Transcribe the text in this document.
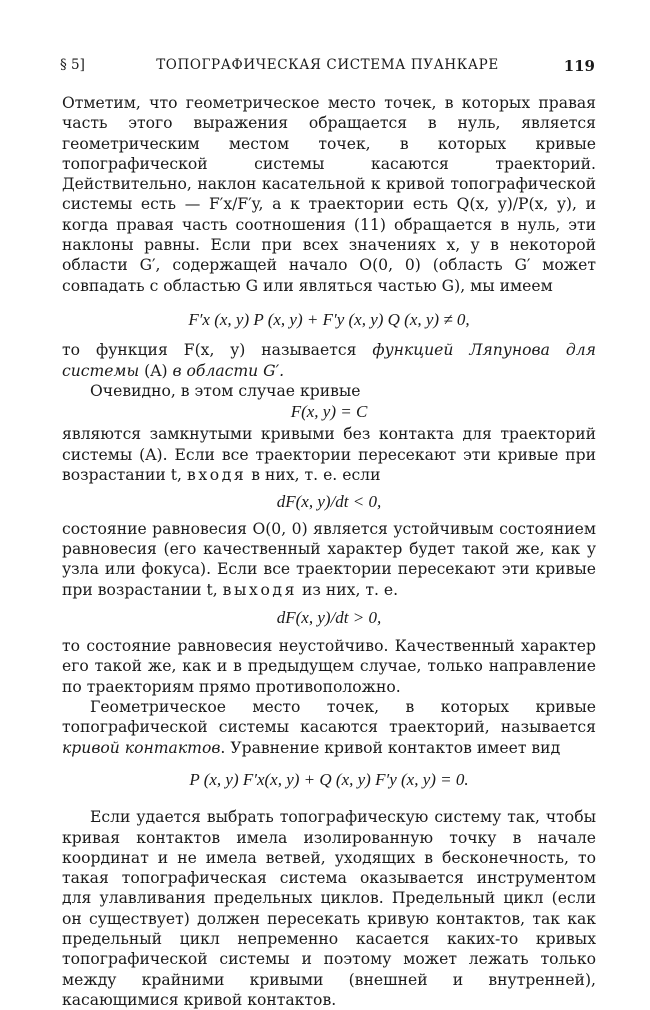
§ 5]	ТОПОГРАФИЧЕСКАЯ СИСТЕМА ПУАНКАРЕ	119

Отметим, что геометрическое место точек, в которых правая часть этого выражения обращается в нуль, является геометрическим местом точек, в которых кривые топографической системы касаются траекторий. Действительно, наклон касательной к кривой топографической системы есть — F′x/F′y, а к траектории есть Q(x, y)/P(x, y), и когда правая часть соотношения (11) обращается в нуль, эти наклоны равны. Если при всех значениях x, y в некоторой области G′, содержащей начало O(0, 0) (область G′ может совпадать с областью G или являться частью G), мы имеем

F′x (x, y) P (x, y) + F′y (x, y) Q (x, y) ≠ 0,

то функция F(x, y) называется функцией Ляпунова для системы (A) в области G′.

Очевидно, в этом случае кривые

F(x, y) = C

являются замкнутыми кривыми без контакта для траекторий системы (A). Если все траектории пересекают эти кривые при возрастании t, входя в них, т. е. если

dF(x, y)/dt < 0,

состояние равновесия O(0, 0) является устойчивым состоянием равновесия (его качественный характер будет такой же, как у узла или фокуса). Если все траектории пересекают эти кривые при возрастании t, выходя из них, т. е.

dF(x, y)/dt > 0,

то состояние равновесия неустойчиво. Качественный характер его такой же, как и в предыдущем случае, только направление по траекториям прямо противоположно.

Геометрическое место точек, в которых кривые топографической системы касаются траекторий, называется кривой контактов. Уравнение кривой контактов имеет вид

P (x, y) F′x(x, y) + Q (x, y) F′y (x, y) = 0.

Если удается выбрать топографическую систему так, чтобы кривая контактов имела изолированную точку в начале координат и не имела ветвей, уходящих в бесконечность, то такая топографическая система оказывается инструментом для улавливания предельных циклов. Предельный цикл (если он существует) должен пересекать кривую контактов, так как предельный цикл непременно касается каких-то кривых топографической системы и поэтому может лежать только между крайними кривыми (внешней и внутренней), касающимися кривой контактов.
